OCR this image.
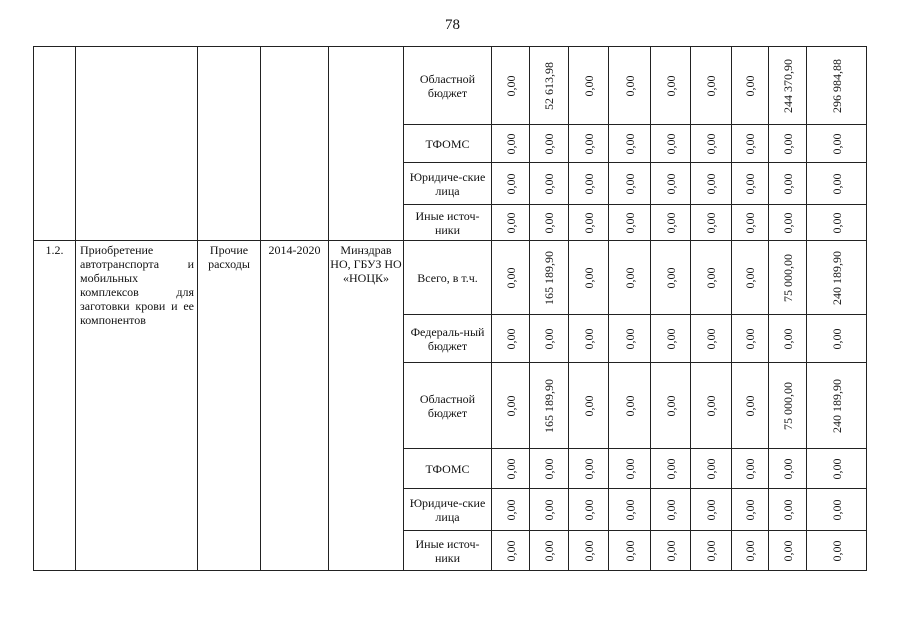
78
					Областной бюджет	0,00	52 613,98	0,00	0,00	0,00	0,00	0,00	244 370,90	296 984,88

					ТФОМС	0,00	0,00	0,00	0,00	0,00	0,00	0,00	0,00	0,00

					Юридиче-ские лица	0,00	0,00	0,00	0,00	0,00	0,00	0,00	0,00	0,00

					Иные источ-ники	0,00	0,00	0,00	0,00	0,00	0,00	0,00	0,00	0,00

1.2.	Приобретение автотранспорта и мобильных комплексов для заготовки крови и ее компонентов	Прочие расходы	2014-2020	Минздрав НО, ГБУЗ НО «НОЦК»	Всего, в т.ч.	0,00	165 189,90	0,00	0,00	0,00	0,00	0,00	75 000,00	240 189,90

					Федераль-ный бюджет	0,00	0,00	0,00	0,00	0,00	0,00	0,00	0,00	0,00

					Областной бюджет	0,00	165 189,90	0,00	0,00	0,00	0,00	0,00	75 000,00	240 189,90

					ТФОМС	0,00	0,00	0,00	0,00	0,00	0,00	0,00	0,00	0,00

					Юридиче-ские лица	0,00	0,00	0,00	0,00	0,00	0,00	0,00	0,00	0,00

					Иные источ-ники	0,00	0,00	0,00	0,00	0,00	0,00	0,00	0,00	0,00
